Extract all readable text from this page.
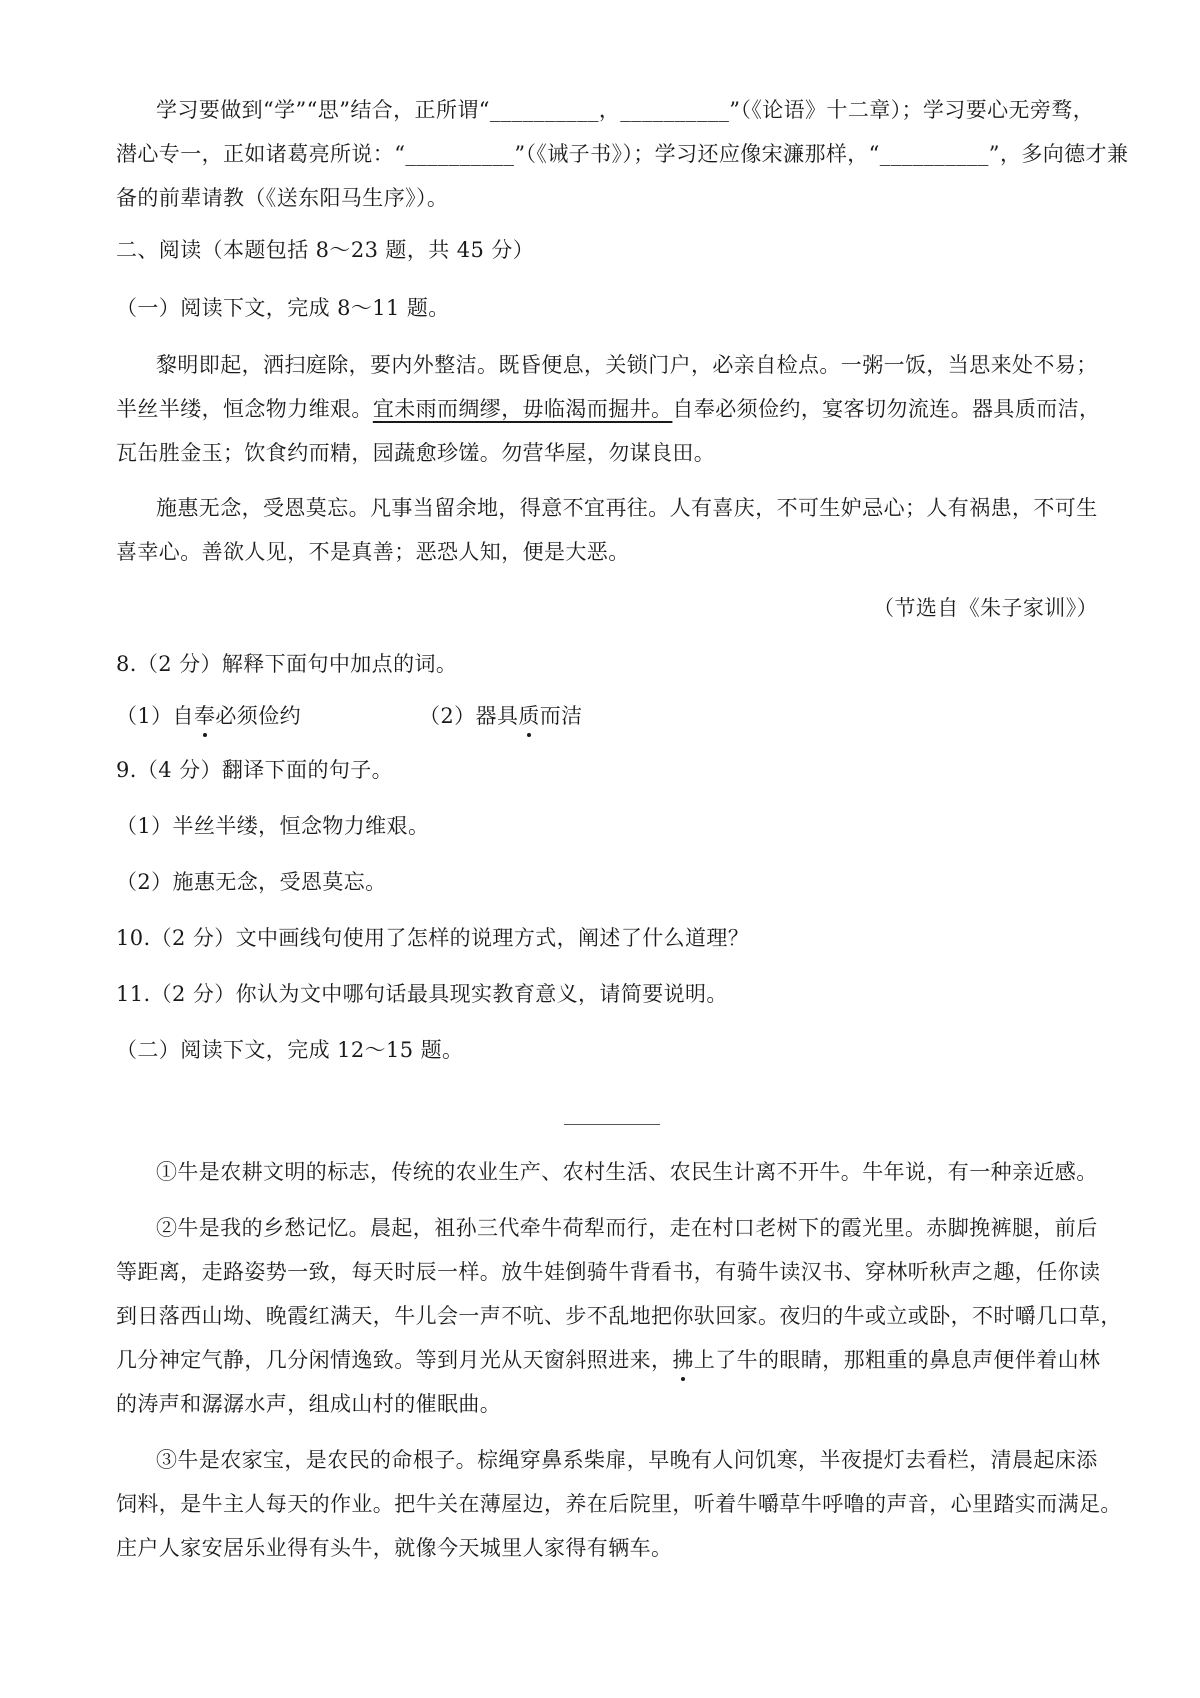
学习要做到“学”“思”结合，正所谓“__________，__________”（《论语》十二章）；学习要心无旁骛，
潜心专一，正如诸葛亮所说：“__________”（《诫子书》）；学习还应像宋濂那样，“__________”，多向德才兼
备的前辈请教（《送东阳马生序》）。
二、阅读（本题包括 8～23 题，共 45 分）
（一）阅读下文，完成 8～11 题。
黎明即起，洒扫庭除，要内外整洁。既昏便息，关锁门户，必亲自检点。一粥一饭，当思来处不易；
半丝半缕，恒念物力维艰。宜未雨而绸缪，毋临渴而掘井。自奉必须俭约，宴客切勿流连。器具质而洁，
瓦缶胜金玉；饮食约而精，园蔬愈珍馐。勿营华屋，勿谋良田。
施惠无念，受恩莫忘。凡事当留余地，得意不宜再往。人有喜庆，不可生妒忌心；人有祸患，不可生
喜幸心。善欲人见，不是真善；恶恐人知，便是大恶。
（节选自《朱子家训》）
8.（2 分）解释下面句中加点的词。
（1）自奉必须俭约	（2）器具质而洁
9.（4 分）翻译下面的句子。
（1）半丝半缕，恒念物力维艰。
（2）施惠无念，受恩莫忘。
10.（2 分）文中画线句使用了怎样的说理方式，阐述了什么道理？
11.（2 分）你认为文中哪句话最具现实教育意义，请简要说明。
（二）阅读下文，完成 12～15 题。
①牛是农耕文明的标志，传统的农业生产、农村生活、农民生计离不开牛。牛年说，有一种亲近感。
②牛是我的乡愁记忆。晨起，祖孙三代牵牛荷犁而行，走在村口老树下的霞光里。赤脚挽裤腿，前后
等距离，走路姿势一致，每天时辰一样。放牛娃倒骑牛背看书，有骑牛读汉书、穿林听秋声之趣，任你读
到日落西山坳、晚霞红满天，牛儿会一声不吭、步不乱地把你驮回家。夜归的牛或立或卧，不时嚼几口草，
几分神定气静，几分闲情逸致。等到月光从天窗斜照进来，拂上了牛的眼睛，那粗重的鼻息声便伴着山林
的涛声和潺潺水声，组成山村的催眠曲。
③牛是农家宝，是农民的命根子。棕绳穿鼻系柴扉，早晚有人问饥寒，半夜提灯去看栏，清晨起床添
饲料，是牛主人每天的作业。把牛关在薄屋边，养在后院里，听着牛嚼草牛呼噜的声音，心里踏实而满足。
庄户人家安居乐业得有头牛，就像今天城里人家得有辆车。
